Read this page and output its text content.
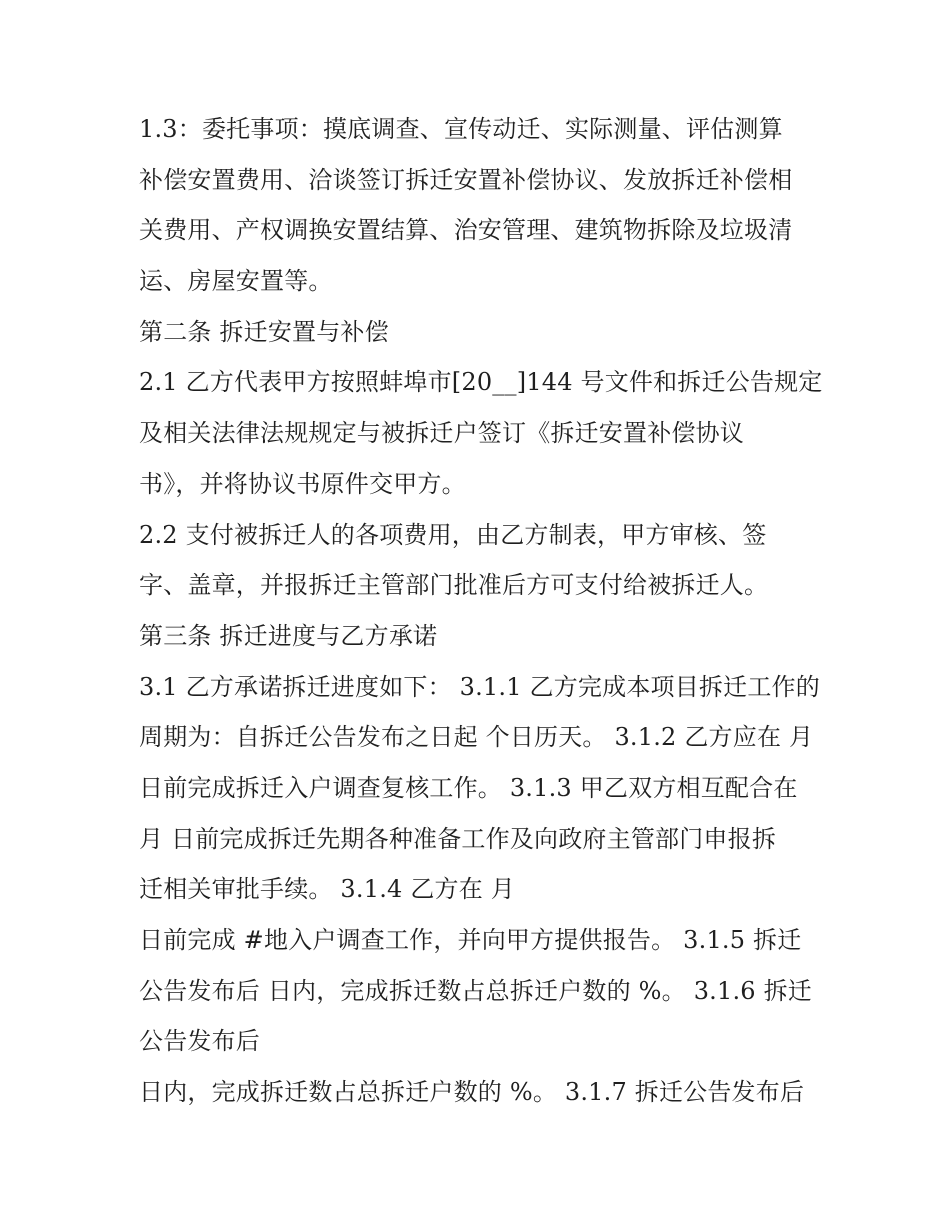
1.3：委托事项：摸底调查、宣传动迁、实际测量、评估测算
补偿安置费用、洽谈签订拆迁安置补偿协议、发放拆迁补偿相
关费用、产权调换安置结算、治安管理、建筑物拆除及垃圾清
运、房屋安置等。
第二条 拆迁安置与补偿
2.1 乙方代表甲方按照蚌埠市[20__]144 号文件和拆迁公告规定
及相关法律法规规定与被拆迁户签订《拆迁安置补偿协议
书》，并将协议书原件交甲方。
2.2 支付被拆迁人的各项费用，由乙方制表，甲方审核、签
字、盖章，并报拆迁主管部门批准后方可支付给被拆迁人。
第三条 拆迁进度与乙方承诺
3.1 乙方承诺拆迁进度如下： 3.1.1 乙方完成本项目拆迁工作的
周期为：自拆迁公告发布之日起 个日历天。 3.1.2 乙方应在 月
日前完成拆迁入户调查复核工作。 3.1.3 甲乙双方相互配合在
月 日前完成拆迁先期各种准备工作及向政府主管部门申报拆
迁相关审批手续。 3.1.4 乙方在 月
日前完成 #地入户调查工作，并向甲方提供报告。 3.1.5 拆迁
公告发布后 日内，完成拆迁数占总拆迁户数的 %。 3.1.6 拆迁
公告发布后
日内，完成拆迁数占总拆迁户数的 %。 3.1.7 拆迁公告发布后
